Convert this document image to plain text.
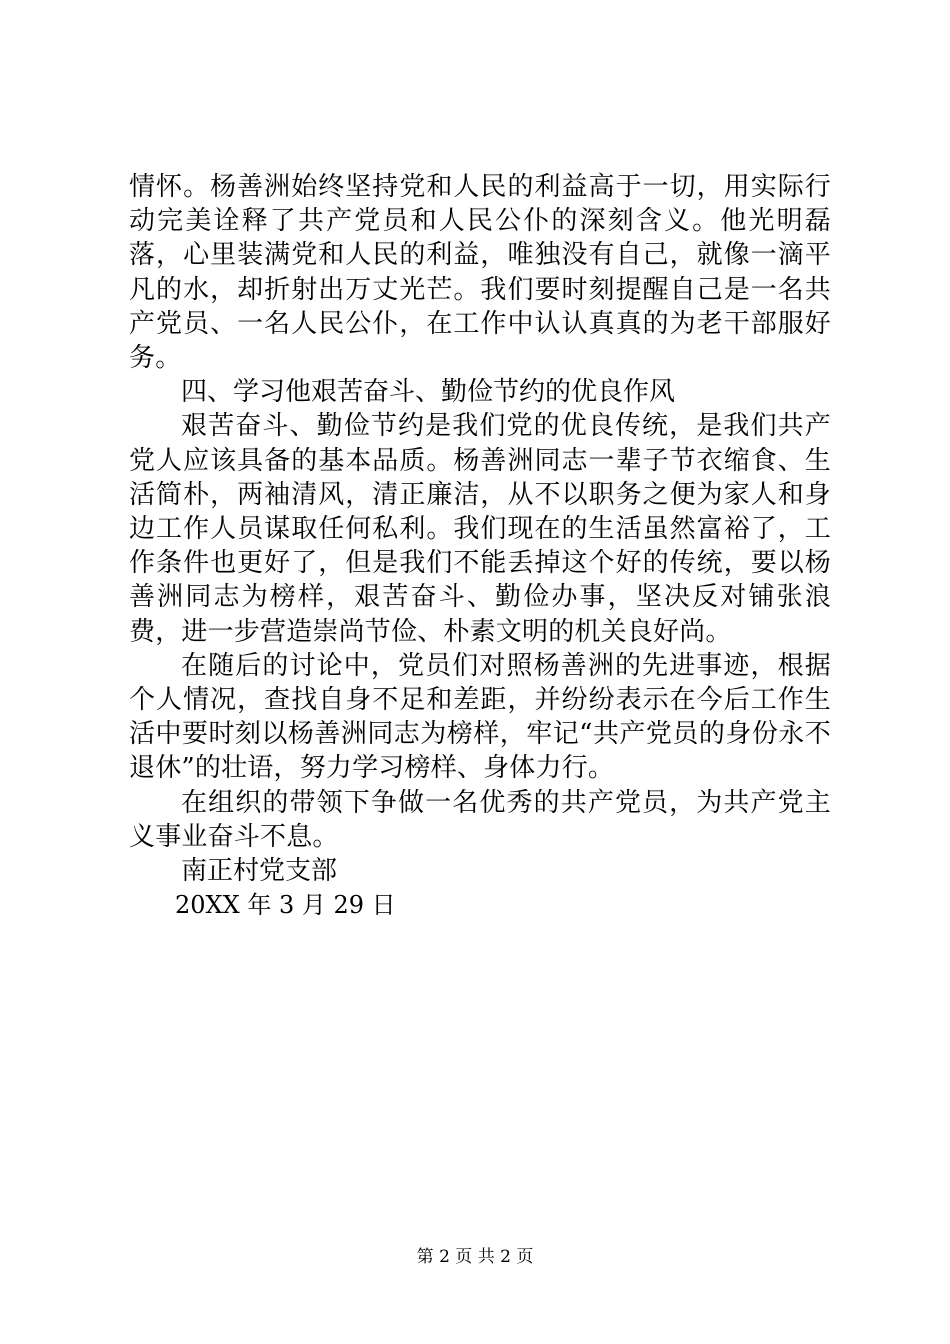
情怀。杨善洲始终坚持党和人民的利益高于一切，用实际行动完美诠释了共产党员和人民公仆的深刻含义。他光明磊落，心里装满党和人民的利益，唯独没有自己，就像一滴平凡的水，却折射出万丈光芒。我们要时刻提醒自己是一名共产党员、一名人民公仆，在工作中认认真真的为老干部服好务。

四、学习他艰苦奋斗、勤俭节约的优良作风

艰苦奋斗、勤俭节约是我们党的优良传统，是我们共产党人应该具备的基本品质。杨善洲同志一辈子节衣缩食、生活简朴，两袖清风，清正廉洁，从不以职务之便为家人和身边工作人员谋取任何私利。我们现在的生活虽然富裕了，工作条件也更好了，但是我们不能丢掉这个好的传统，要以杨善洲同志为榜样，艰苦奋斗、勤俭办事，坚决反对铺张浪费，进一步营造崇尚节俭、朴素文明的机关良好尚。

在随后的讨论中，党员们对照杨善洲的先进事迹，根据个人情况，查找自身不足和差距，并纷纷表示在今后工作生活中要时刻以杨善洲同志为榜样，牢记“共产党员的身份永不退休”的壮语，努力学习榜样、身体力行。

在组织的带领下争做一名优秀的共产党员，为共产党主义事业奋斗不息。

南正村党支部

20XX 年 3 月 29 日

第 2 页 共 2 页
